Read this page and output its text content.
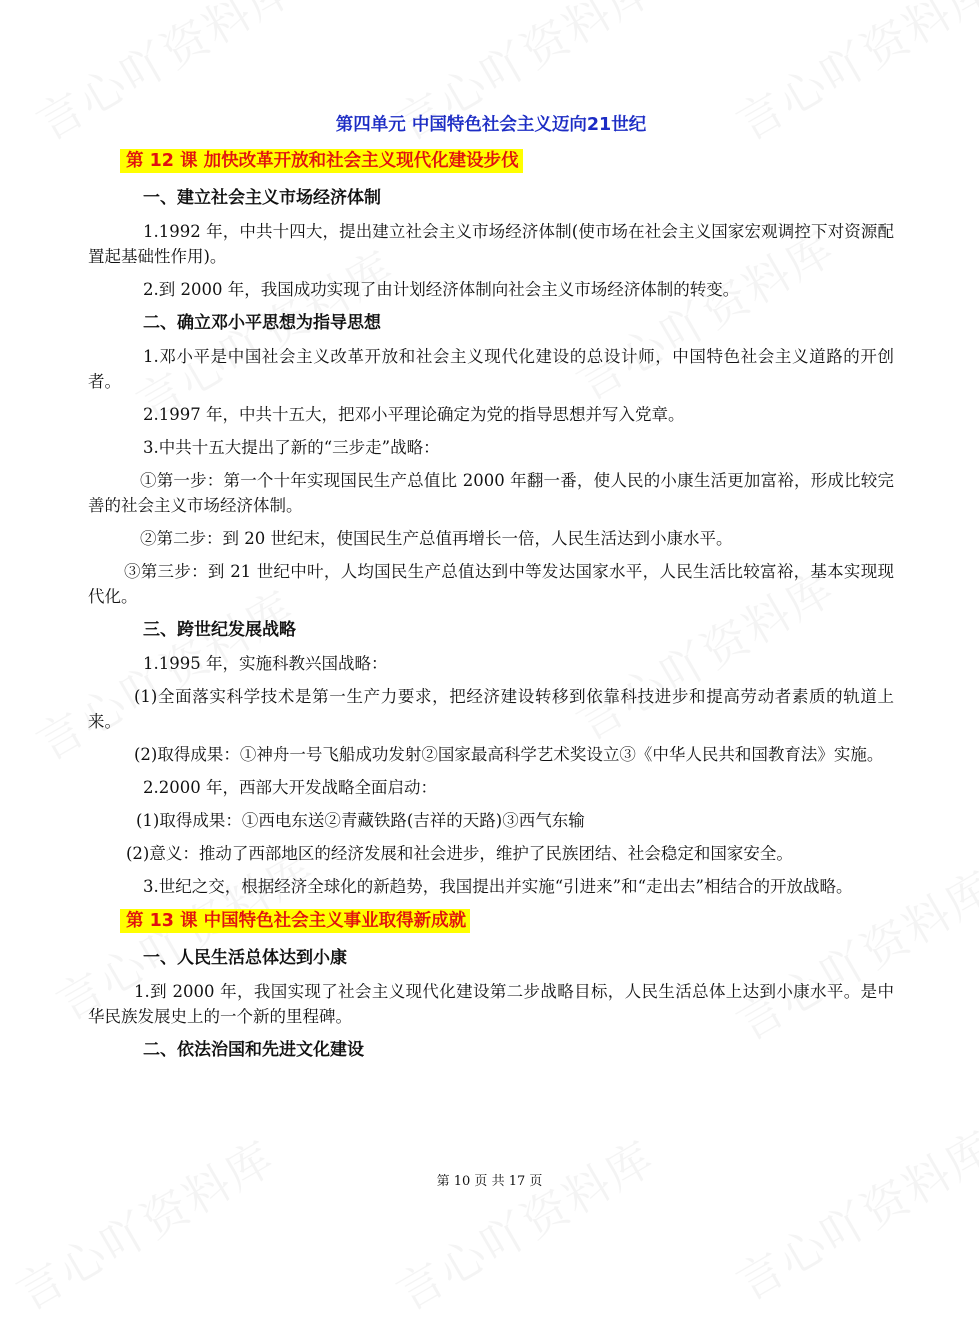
第四单元 中国特色社会主义迈向21世纪
第 12 课 加快改革开放和社会主义现代化建设步伐
一、建立社会主义市场经济体制
1.1992 年，中共十四大，提出建立社会主义市场经济体制(使市场在社会主义国家宏观调控下对资源配置起基础性作用)。
2.到 2000 年，我国成功实现了由计划经济体制向社会主义市场经济体制的转变。
二、确立邓小平思想为指导思想
1.邓小平是中国社会主义改革开放和社会主义现代化建设的总设计师，中国特色社会主义道路的开创者。
2.1997 年，中共十五大，把邓小平理论确定为党的指导思想并写入党章。
3.中共十五大提出了新的“三步走”战略：
①第一步：第一个十年实现国民生产总值比 2000 年翻一番，使人民的小康生活更加富裕，形成比较完善的社会主义市场经济体制。
②第二步：到 20 世纪末，使国民生产总值再增长一倍，人民生活达到小康水平。
③第三步：到 21 世纪中叶，人均国民生产总值达到中等发达国家水平，人民生活比较富裕，基本实现现代化。
三、跨世纪发展战略
1.1995 年，实施科教兴国战略：
(1)全面落实科学技术是第一生产力要求，把经济建设转移到依靠科技进步和提高劳动者素质的轨道上来。
(2)取得成果：①神舟一号飞船成功发射②国家最高科学艺术奖设立③《中华人民共和国教育法》实施。
2.2000 年，西部大开发战略全面启动：
(1)取得成果：①西电东送②青藏铁路(吉祥的天路)③西气东输
(2)意义：推动了西部地区的经济发展和社会进步，维护了民族团结、社会稳定和国家安全。
3.世纪之交，根据经济全球化的新趋势，我国提出并实施“引进来”和“走出去”相结合的开放战略。
第 13 课 中国特色社会主义事业取得新成就
一、人民生活总体达到小康
1.到 2000 年，我国实现了社会主义现代化建设第二步战略目标，人民生活总体上达到小康水平。是中华民族发展史上的一个新的里程碑。
二、依法治国和先进文化建设
第 10 页 共 17 页
